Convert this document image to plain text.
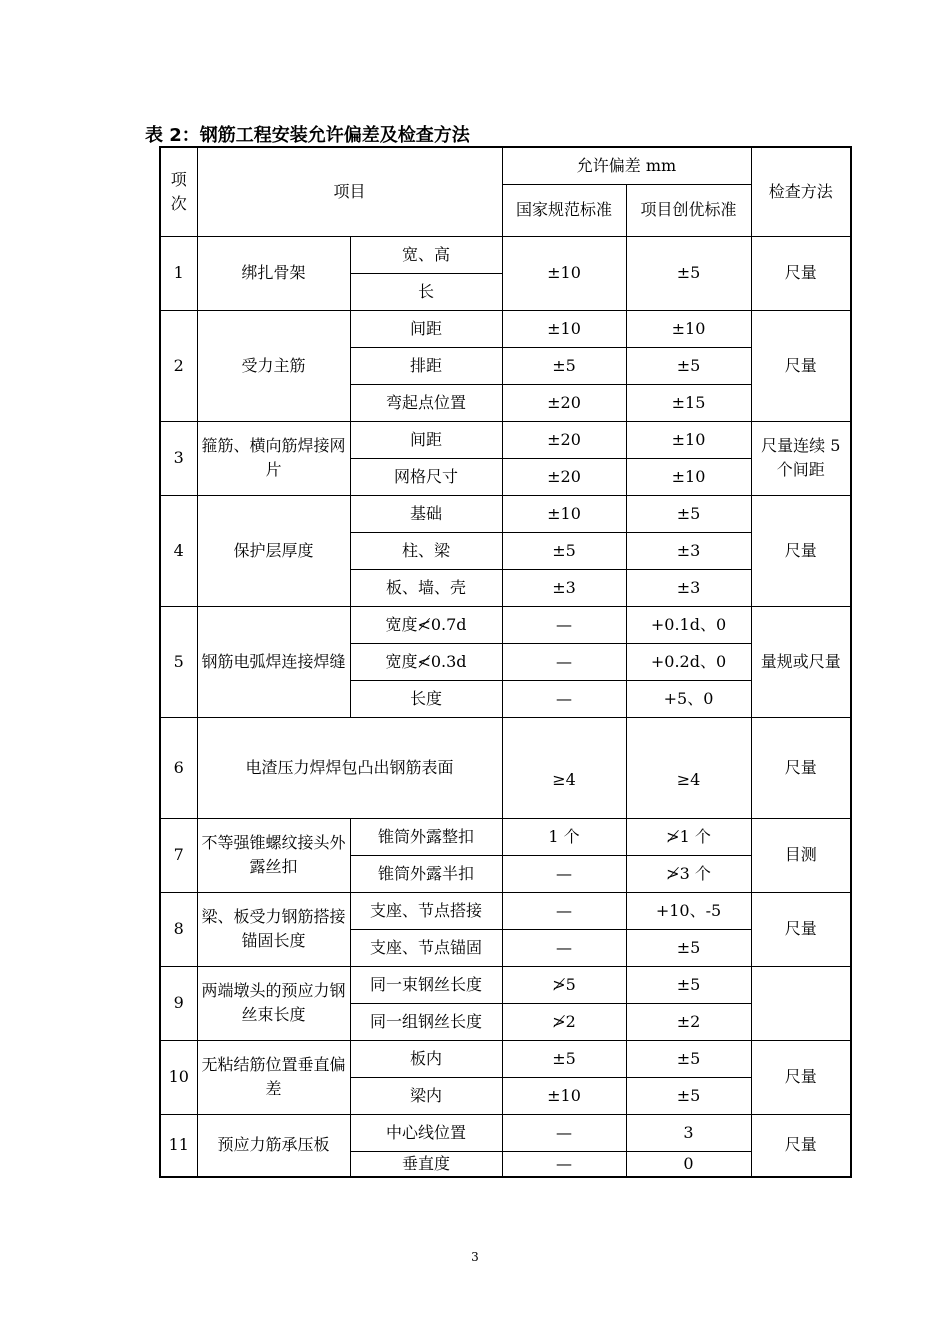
表 2：钢筋工程安装允许偏差及检查方法
项次	项目		允许偏差 mm		检查方法
			国家规范标准	项目创优标准	
1	绑扎骨架	宽、高	±10	±5	尺量
		长			
2	受力主筋	间距	±10	±10	尺量
		排距	±5	±5	
		弯起点位置	±20	±15	
3	箍筋、横向筋焊接网片	间距	±20	±10	尺量连续 5 个间距
		网格尺寸	±20	±10	
4	保护层厚度	基础	±10	±5	尺量
		柱、梁	±5	±3	
		板、墙、壳	±3	±3	
5	钢筋电弧焊连接焊缝	宽度≮0.7d	—	+0.1d、0	量规或尺量
		宽度≮0.3d	—	+0.2d、0	
		长度	—	+5、0	
6	电渣压力焊焊包凸出钢筋表面		≥4	≥4	尺量
7	不等强锥螺纹接头外露丝扣	锥筒外露整扣	1 个	≯1 个	目测
		锥筒外露半扣	—	≯3 个	
8	梁、板受力钢筋搭接锚固长度	支座、节点搭接	—	+10、-5	尺量
		支座、节点锚固	—	±5	
9	两端墩头的预应力钢丝束长度	同一束钢丝长度	≯5	±5	
		同一组钢丝长度	≯2	±2	
10	无粘结筋位置垂直偏差	板内	±5	±5	尺量
		梁内	±10	±5	
11	预应力筋承压板	中心线位置	—	3	尺量
		垂直度	—	0	
3
